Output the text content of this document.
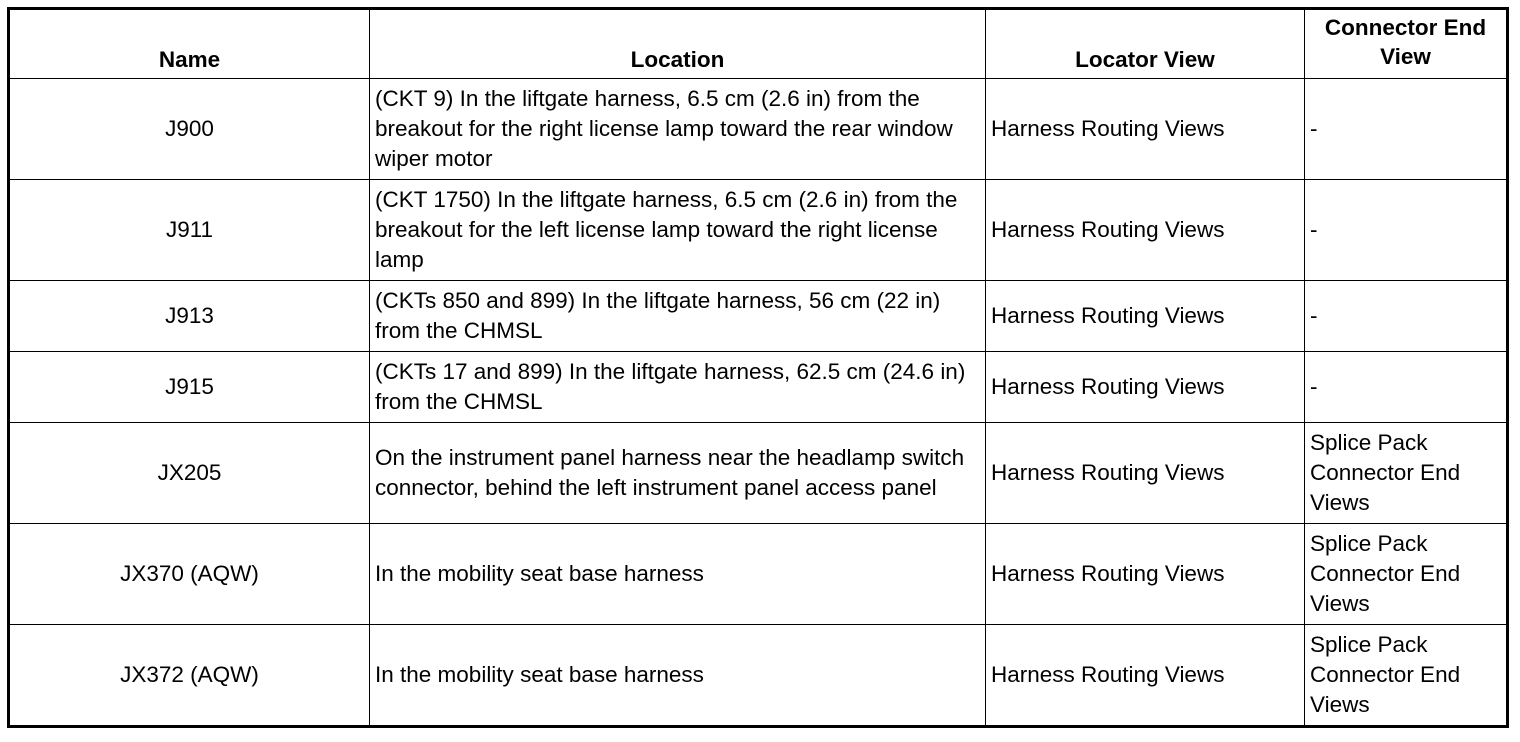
Name	Location	Locator View	Connector End View
J900	(CKT 9) In the liftgate harness, 6.5 cm (2.6 in) from the breakout for the right license lamp toward the rear window wiper motor	Harness Routing Views	-
J911	(CKT 1750) In the liftgate harness, 6.5 cm (2.6 in) from the breakout for the left license lamp toward the right license lamp	Harness Routing Views	-
J913	(CKTs 850 and 899) In the liftgate harness, 56 cm (22 in) from the CHMSL	Harness Routing Views	-
J915	(CKTs 17 and 899) In the liftgate harness, 62.5 cm (24.6 in) from the CHMSL	Harness Routing Views	-
JX205	On the instrument panel harness near the headlamp switch connector, behind the left instrument panel access panel	Harness Routing Views	Splice Pack Connector End Views
JX370 (AQW)	In the mobility seat base harness	Harness Routing Views	Splice Pack Connector End Views
JX372 (AQW)	In the mobility seat base harness	Harness Routing Views	Splice Pack Connector End Views
